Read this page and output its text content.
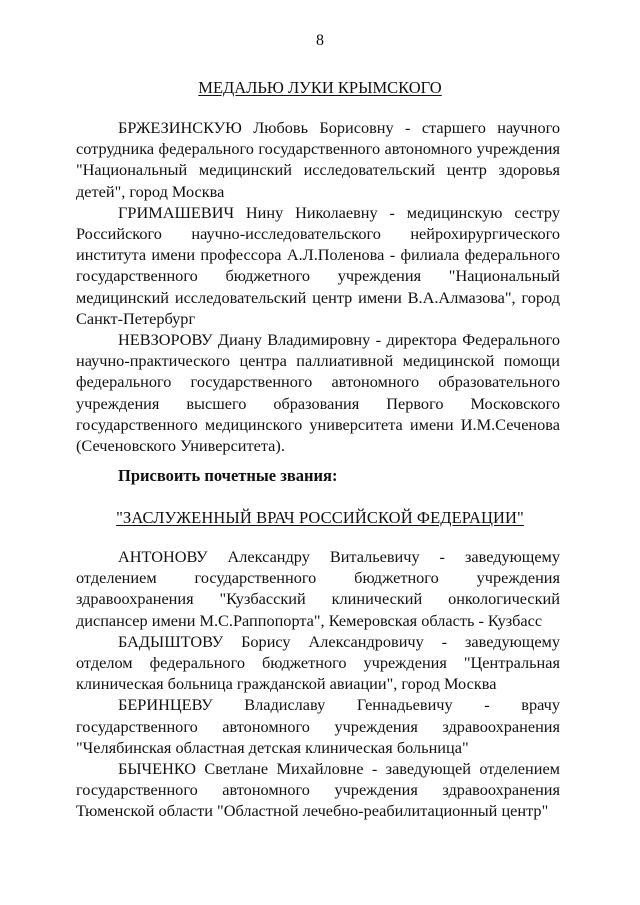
8
МЕДАЛЬЮ ЛУКИ КРЫМСКОГО

БРЖЕЗИНСКУЮ Любовь Борисовну - старшего научного сотрудника федерального государственного автономного учреждения "Национальный медицинский исследовательский центр здоровья детей", город Москва

ГРИМАШЕВИЧ Нину Николаевну - медицинскую сестру Российского научно-исследовательского нейрохирургического института имени профессора А.Л.Поленова - филиала федерального государственного бюджетного учреждения "Национальный медицинский исследовательский центр имени В.А.Алмазова", город Санкт-Петербург

НЕВЗОРОВУ Диану Владимировну - директора Федерального научно-практического центра паллиативной медицинской помощи федерального государственного автономного образовательного учреждения высшего образования Первого Московского государственного медицинского университета имени И.М.Сеченова (Сеченовского Университета).

Присвоить почетные звания:
"ЗАСЛУЖЕННЫЙ ВРАЧ РОССИЙСКОЙ ФЕДЕРАЦИИ"

АНТОНОВУ Александру Витальевичу - заведующему отделением государственного бюджетного учреждения здравоохранения "Кузбасский клинический онкологический диспансер имени М.С.Раппопорта", Кемеровская область - Кузбасс

БАДЫШТОВУ Борису Александровичу - заведующему отделом федерального бюджетного учреждения "Центральная клиническая больница гражданской авиации", город Москва

БЕРИНЦЕВУ Владиславу Геннадьевичу - врачу государственного автономного учреждения здравоохранения "Челябинская областная детская клиническая больница"

БЫЧЕНКО Светлане Михайловне - заведующей отделением государственного автономного учреждения здравоохранения Тюменской области "Областной лечебно-реабилитационный центр"
